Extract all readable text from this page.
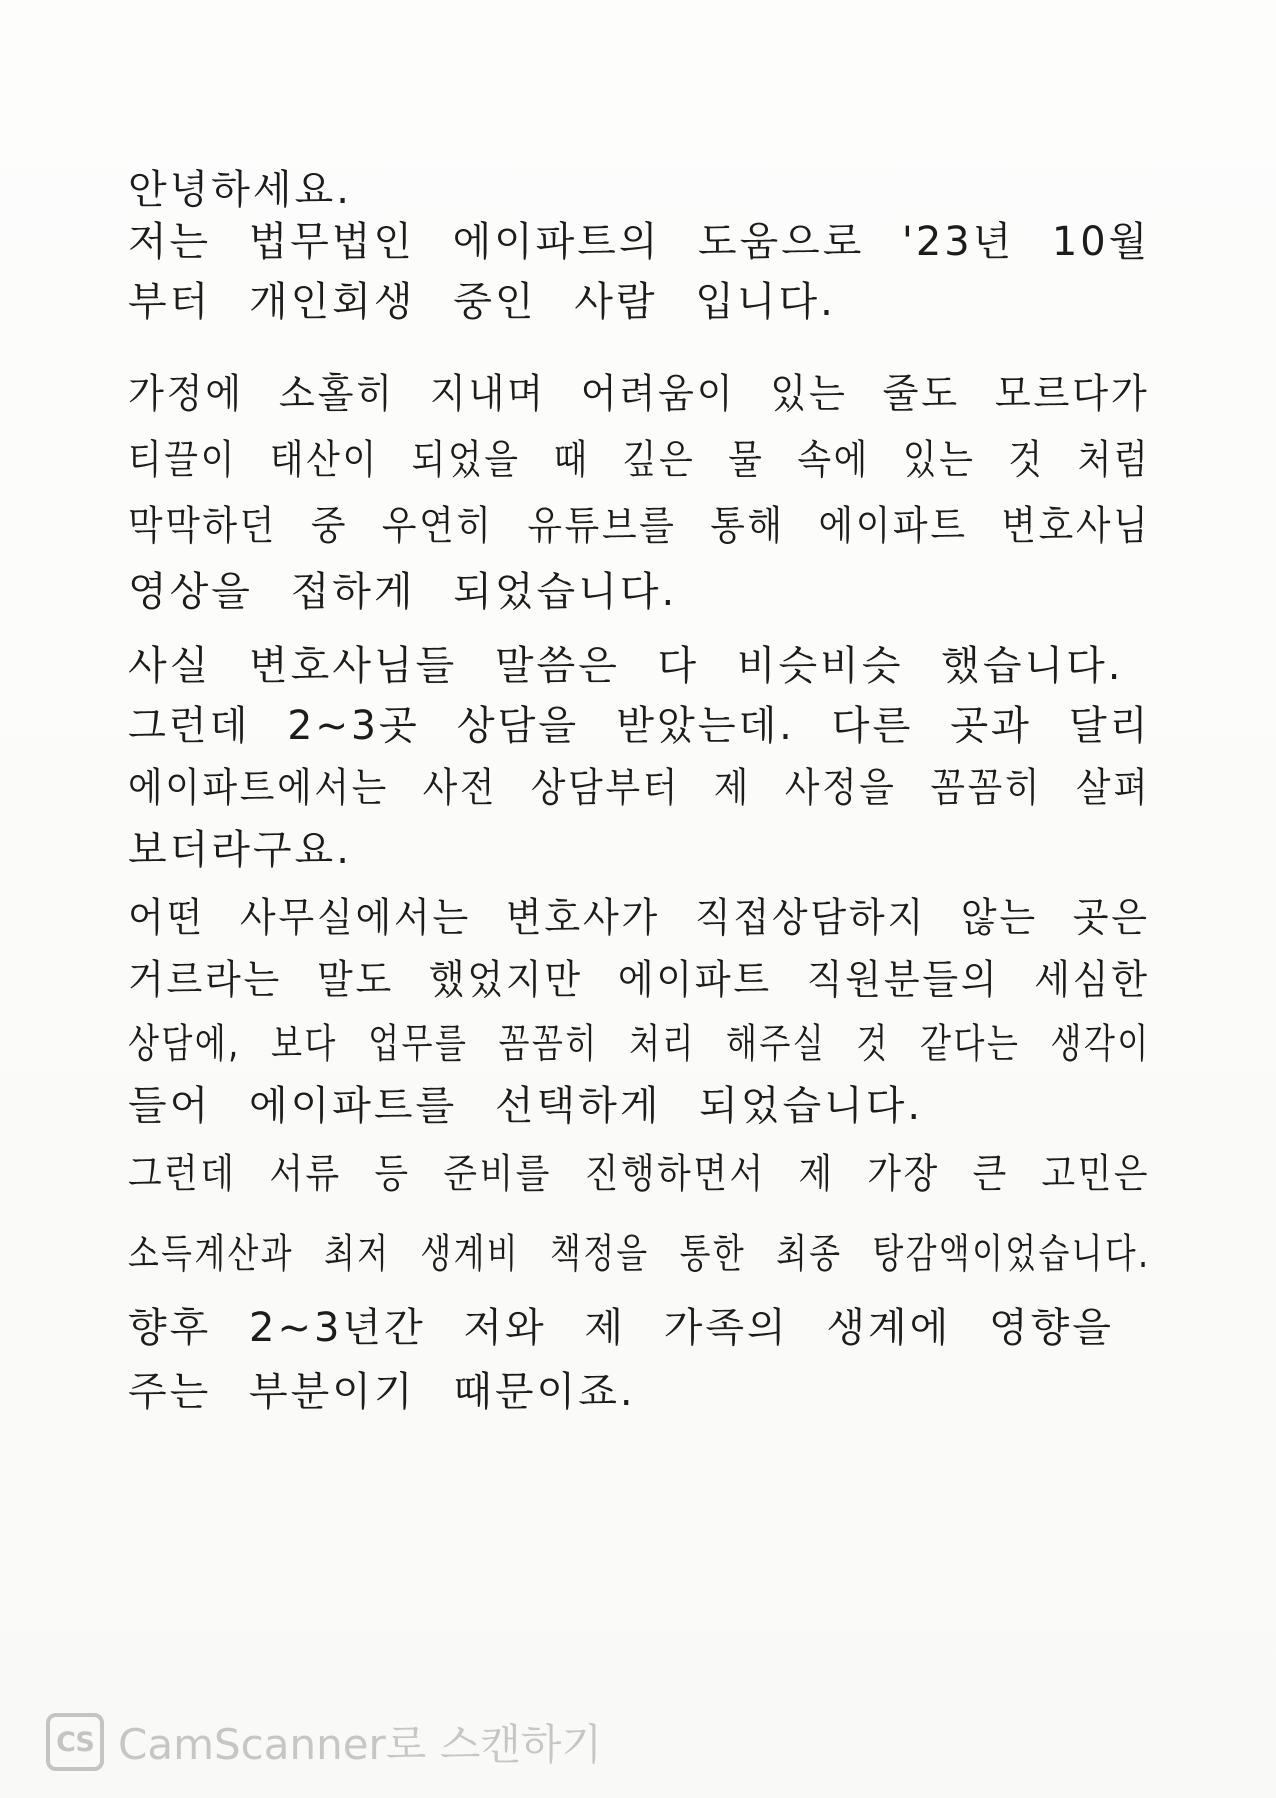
안녕하세요.
저는 법무법인 에이파트의 도움으로 '23년 10월
부터 개인회생 중인 사람 입니다.
가정에 소홀히 지내며 어려움이 있는 줄도 모르다가
티끌이 태산이 되었을 때 깊은 물 속에 있는 것 처럼
막막하던 중 우연히 유튜브를 통해 에이파트 변호사님
영상을 접하게 되었습니다.
사실 변호사님들 말씀은 다 비슷비슷 했습니다.
그런데 2~3곳 상담을 받았는데. 다른 곳과 달리
에이파트에서는 사전 상담부터 제 사정을 꼼꼼히 살펴
보더라구요.
어떤 사무실에서는 변호사가 직접상담하지 않는 곳은
거르라는 말도 했었지만 에이파트 직원분들의 세심한
상담에, 보다 업무를 꼼꼼히 처리 해주실 것 같다는 생각이
들어 에이파트를 선택하게 되었습니다.
그런데 서류 등 준비를 진행하면서 제 가장 큰 고민은
소득계산과 최저 생계비 책정을 통한 최종 탕감액이었습니다.
향후 2~3년간 저와 제 가족의 생계에 영향을
주는 부분이기 때문이죠.
CS CamScanner로 스캔하기
